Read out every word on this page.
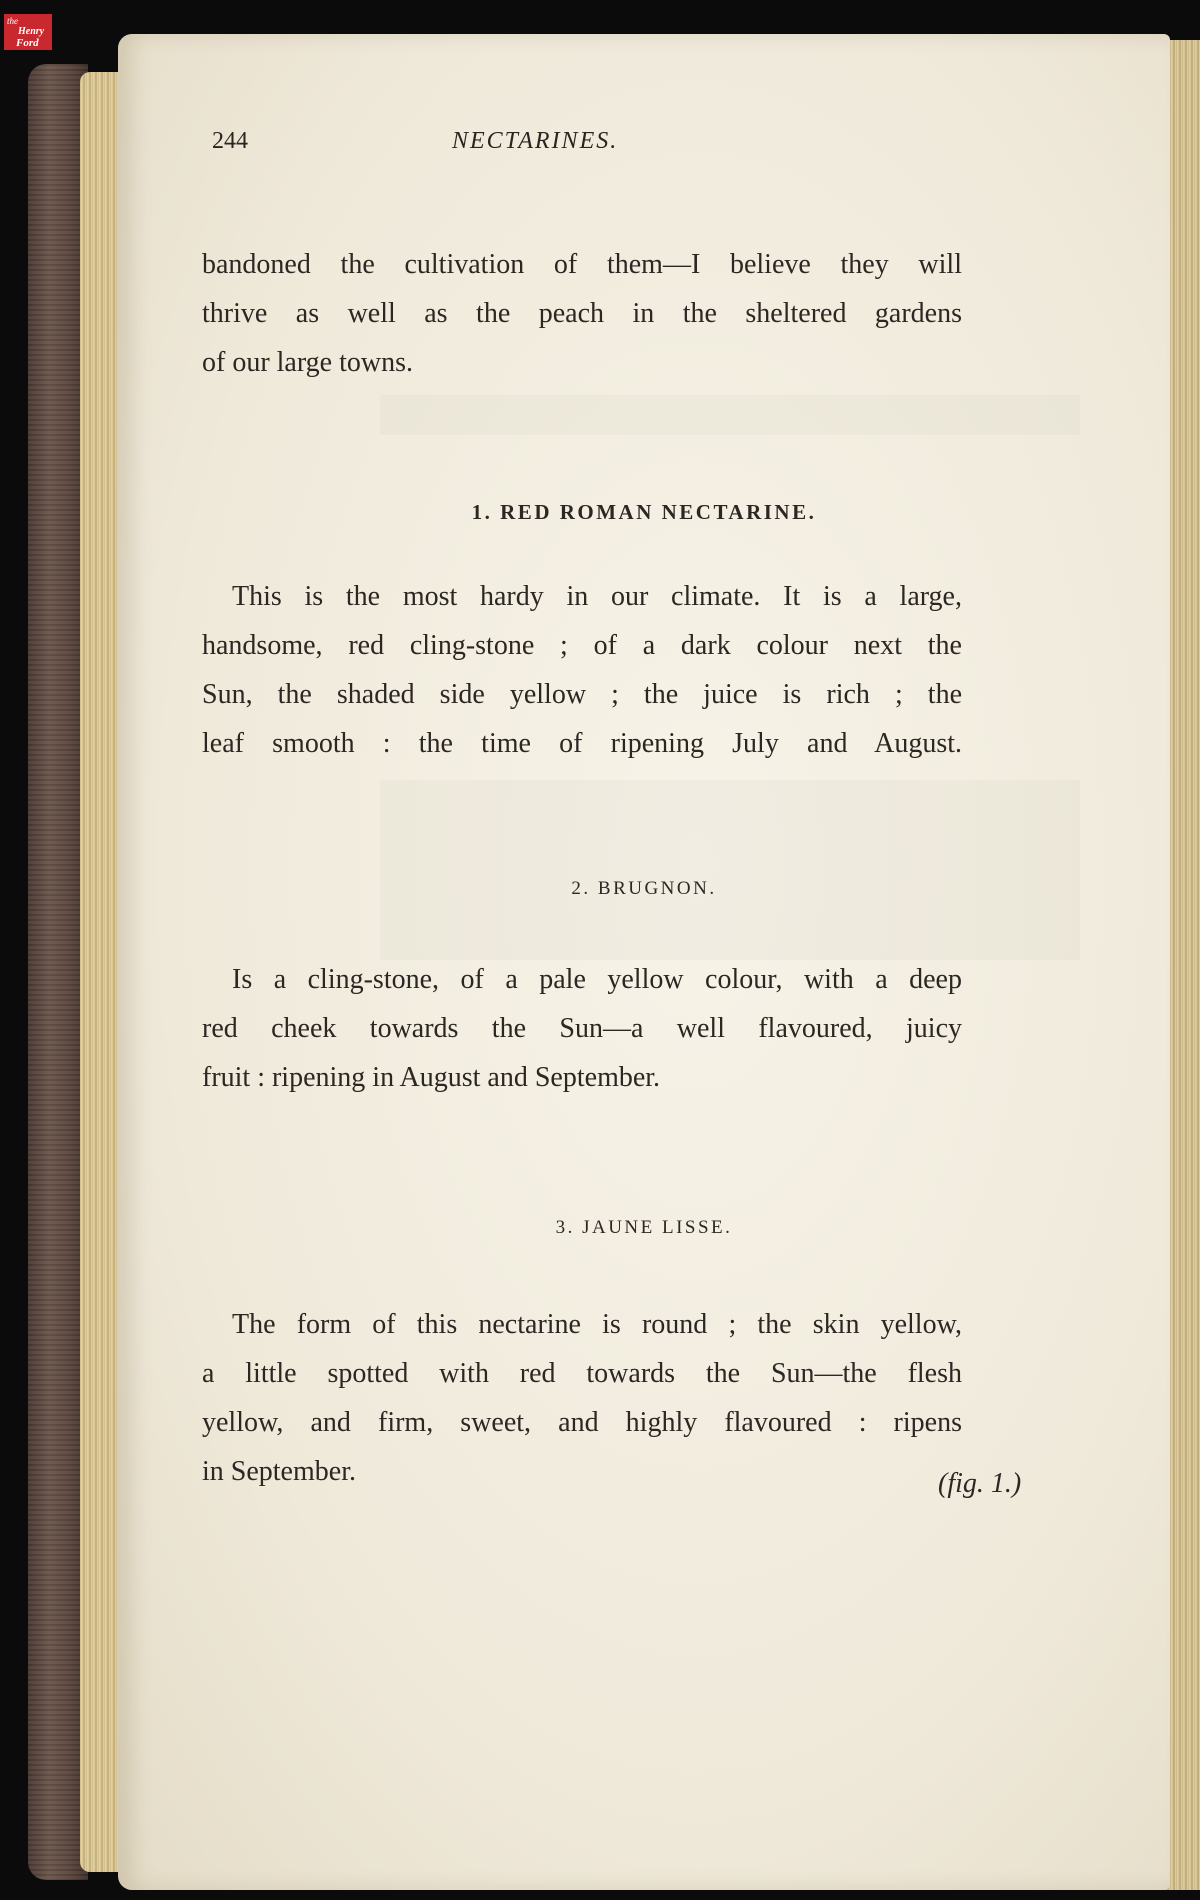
the
Henry
Ford
244	NECTARINES.
bandoned the cultivation of them—I believe they will
thrive as well as the peach in the sheltered gardens
of our large towns.
1. RED ROMAN NECTARINE.
This is the most hardy in our climate. It is a large,
handsome, red cling-stone ; of a dark colour next the
Sun, the shaded side yellow ; the juice is rich ; the
leaf smooth : the time of ripening July and August.
2. BRUGNON.
Is a cling-stone, of a pale yellow colour, with a deep
red cheek towards the Sun—a well flavoured, juicy
fruit : ripening in August and September.
3. JAUNE LISSE.
The form of this nectarine is round ; the skin yellow,
a little spotted with red towards the Sun—the flesh
yellow, and firm, sweet, and highly flavoured : ripens
in September.	(fig. 1.)
